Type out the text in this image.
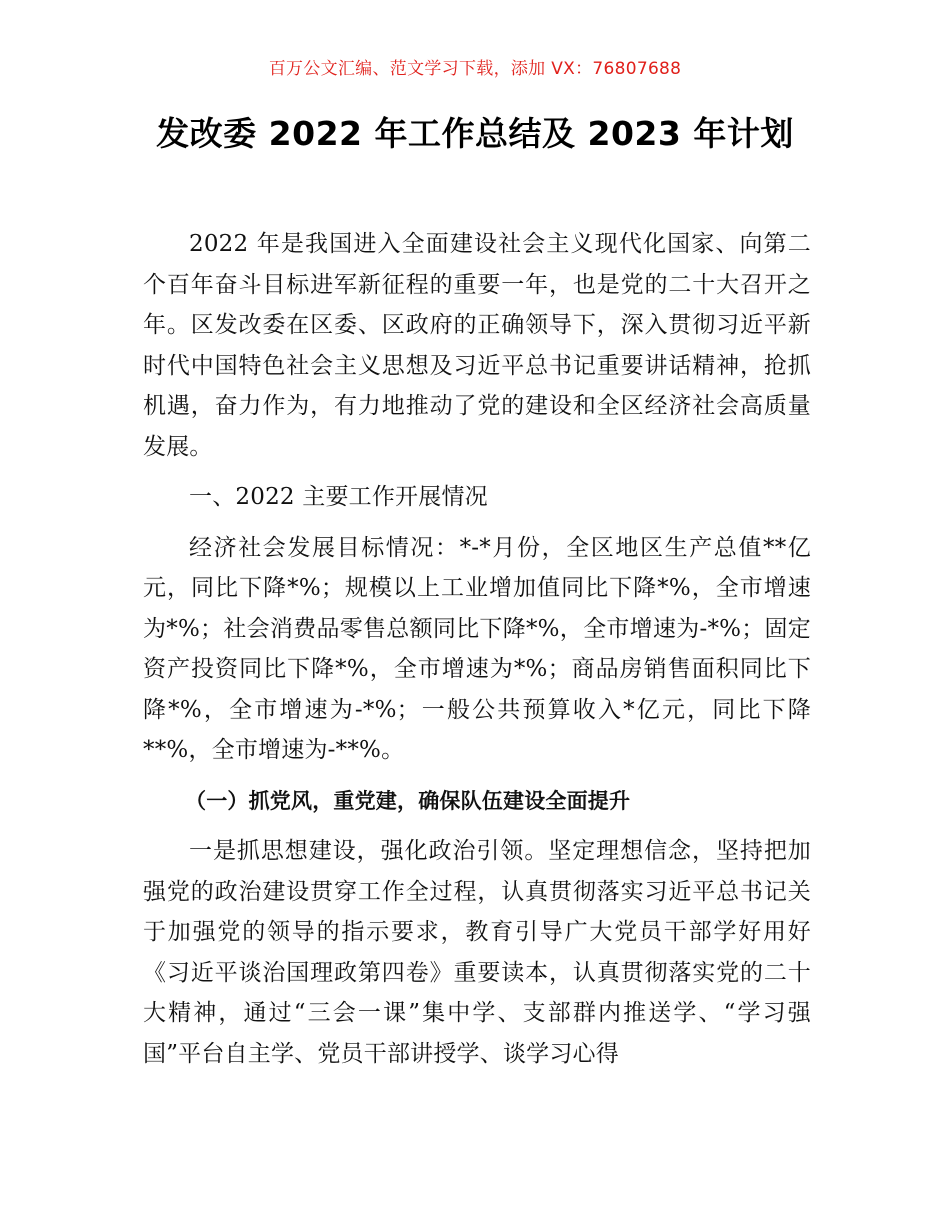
百万公文汇编、范文学习下载，添加 VX：76807688
发改委 2022 年工作总结及 2023 年计划

2022 年是我国进入全面建设社会主义现代化国家、向第二个百年奋斗目标进军新征程的重要一年，也是党的二十大召开之年。区发改委在区委、区政府的正确领导下，深入贯彻习近平新时代中国特色社会主义思想及习近平总书记重要讲话精神，抢抓机遇，奋力作为，有力地推动了党的建设和全区经济社会高质量发展。

一、2022 主要工作开展情况

经济社会发展目标情况：*-*月份，全区地区生产总值**亿元，同比下降*%；规模以上工业增加值同比下降*%，全市增速为*%；社会消费品零售总额同比下降*%，全市增速为-*%；固定资产投资同比下降*%，全市增速为*%；商品房销售面积同比下降*%，全市增速为-*%；一般公共预算收入*亿元，同比下降**%，全市增速为-**%。

（一）抓党风，重党建，确保队伍建设全面提升

一是抓思想建设，强化政治引领。坚定理想信念，坚持把加强党的政治建设贯穿工作全过程，认真贯彻落实习近平总书记关于加强党的领导的指示要求，教育引导广大党员干部学好用好《习近平谈治国理政第四卷》重要读本，认真贯彻落实党的二十大精神，通过“三会一课”集中学、支部群内推送学、“学习强国”平台自主学、党员干部讲授学、谈学习心得
